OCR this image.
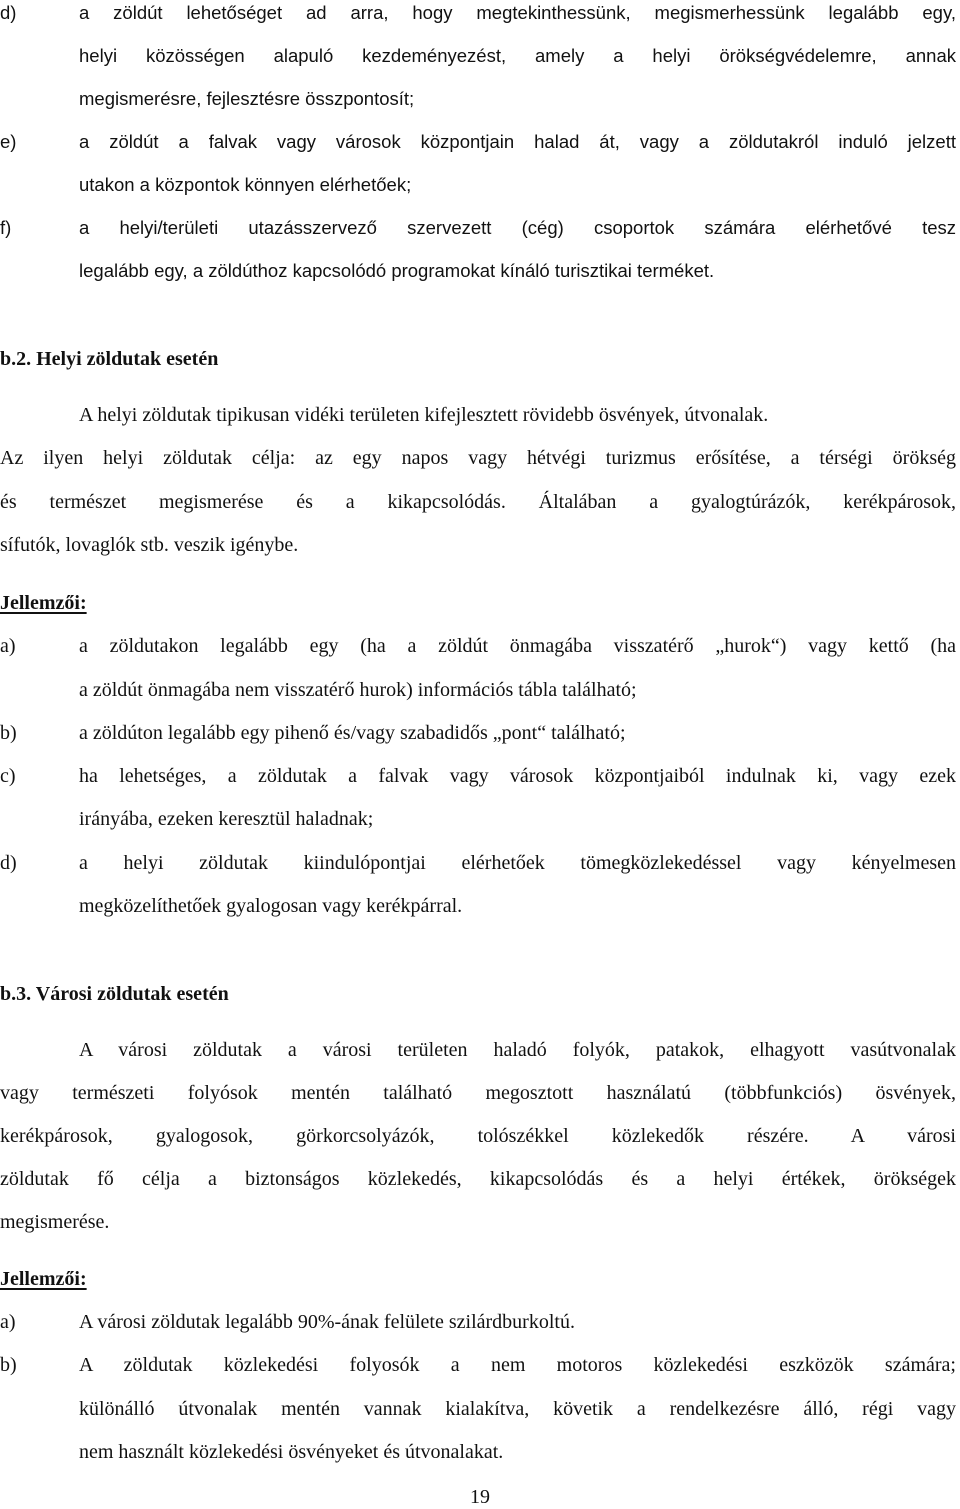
d)	a zöldút lehetőséget ad arra, hogy megtekinthessünk, megismerhessünk legalább egy,
helyi közösségen alapuló kezdeményezést, amely a helyi örökségvédelemre, annak
megismerésre, fejlesztésre összpontosít;
e)	a zöldút a falvak vagy városok központjain halad át, vagy a zöldutakról induló jelzett
utakon a központok könnyen elérhetőek;
f)	a helyi/területi utazásszervező szervezett (cég) csoportok számára elérhetővé tesz
legalább egy, a zöldúthoz kapcsolódó programokat kínáló turisztikai terméket.
b.2. Helyi zöldutak esetén
A helyi zöldutak tipikusan vidéki területen kifejlesztett rövidebb ösvények, útvonalak.
Az ilyen helyi zöldutak célja: az egy napos vagy hétvégi turizmus erősítése, a térségi örökség
és természet megismerése és a kikapcsolódás. Általában a gyalogtúrázók, kerékpárosok,
sífutók, lovaglók stb. veszik igénybe.
Jellemzői:
a)	a zöldutakon legalább egy (ha a zöldút önmagába visszatérő „hurok“) vagy kettő (ha
a zöldút önmagába nem visszatérő hurok) információs tábla található;
b)	a zöldúton legalább egy pihenő és/vagy szabadidős „pont“ található;
c)	ha lehetséges, a zöldutak a falvak vagy városok központjaiból indulnak ki, vagy ezek
irányába, ezeken keresztül haladnak;
d)	a helyi zöldutak kiindulópontjai elérhetőek tömegközlekedéssel vagy kényelmesen
megközelíthetőek gyalogosan vagy kerékpárral.
b.3. Városi zöldutak esetén
A városi zöldutak a városi területen haladó folyók, patakok, elhagyott vasútvonalak
vagy természeti folyósok mentén található megosztott használatú (többfunkciós) ösvények,
kerékpárosok, gyalogosok, görkorcsolyázók, tolószékkel közlekedők részére. A városi
zöldutak fő célja a biztonságos közlekedés, kikapcsolódás és a helyi értékek, örökségek
megismerése.
Jellemzői:
a)	A városi zöldutak legalább 90%-ának felülete szilárdburkoltú.
b)	A zöldutak közlekedési folyosók a nem motoros közlekedési eszközök számára;
különálló útvonalak mentén vannak kialakítva, követik a rendelkezésre álló, régi vagy
nem használt közlekedési ösvényeket és útvonalakat.
19
